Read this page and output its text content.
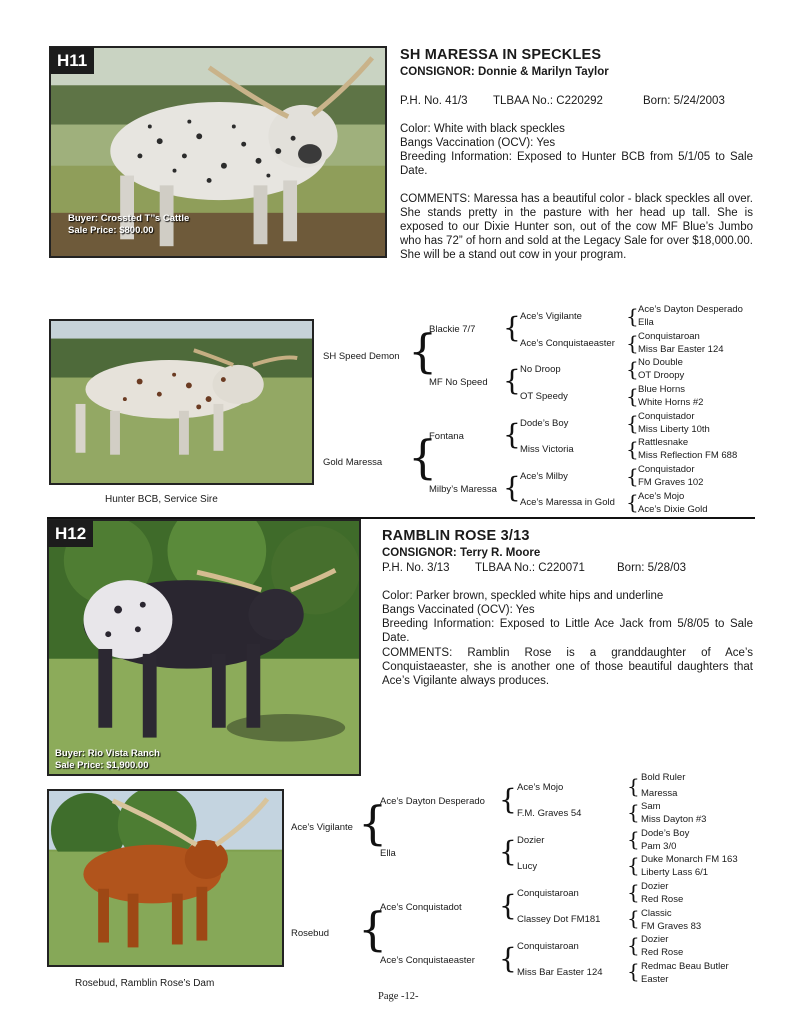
H11
Buyer: Crossted T’’s Cattle
Sale Price: $800.00
SH MARESSA IN SPECKLES
CONSIGNOR: Donnie & Marilyn Taylor
P.H. No. 41/3 TLBAA No.: C220292	Born: 5/24/2003
Color: White with black speckles
Bangs Vaccination (OCV): Yes
Breeding Information: Exposed to Hunter BCB from 5/1/05 to Sale Date.
COMMENTS: Maressa has a beautiful color - black speckles all over. She stands pretty in the pasture with her head up tall. She is exposed to our Dixie Hunter son, out of the cow MF Blue’s Jumbo who has 72” of horn and sold at the Legacy Sale for over $18,000.00. She will be a stand out cow in your program.
Hunter BCB, Service Sire
SH Speed Demon
Gold Maressa
{
{
Blackie 7/7
MF No Speed
Fontana
Milby’s Maressa
{
{
{
{
Ace’s Vigilante
Ace’s Conquistaeaster
No Droop
OT Speedy
Dode’s Boy
Miss Victoria
Ace’s Milby
Ace’s Maressa in Gold
{
{
{
{
{
{
{
{
Ace’s Dayton Desperado
Ella
Conquistaroan
Miss Bar Easter 124
No Double
OT Droopy
Blue Horns
White Horns #2
Conquistador
Miss Liberty 10th
Rattlesnake
Miss Reflection FM 688
Conquistador
FM Graves 102
Ace’s Mojo
Ace’s Dixie Gold
H12
Buyer: Rio Vista Ranch
Sale Price: $1,900.00
RAMBLIN ROSE 3/13
CONSIGNOR: Terry R. Moore
P.H. No. 3/13 TLBAA No.: C220071	Born: 5/28/03
Color: Parker brown, speckled white hips and underline
Bangs Vaccinated (OCV): Yes
Breeding Information: Exposed to Little Ace Jack from 5/8/05 to Sale Date.
COMMENTS: Ramblin Rose is a granddaughter of Ace’s Conquistaeaster, she is another one of those beautiful daughters that Ace’s Vigilante always produces.
Rosebud, Ramblin Rose’s Dam
Ace’s Vigilante
Rosebud
{
{
Ace’s Dayton Desperado
Ella
Ace’s Conquistadot
Ace’s Conquistaeaster
{
{
{
{
Ace’s Mojo
F.M. Graves 54
Dozier
Lucy
Conquistaroan
Classey Dot FM181
Conquistaroan
Miss Bar Easter 124
{
{
{
{
{
{
{
{
Bold Ruler
Maressa
Sam
Miss Dayton #3
Dode’s Boy
Pam 3/0
Duke Monarch FM 163
Liberty Lass 6/1
Dozier
Red Rose
Classic
FM Graves 83
Dozier
Red Rose
Redmac Beau Butler
Easter
Page -12-
